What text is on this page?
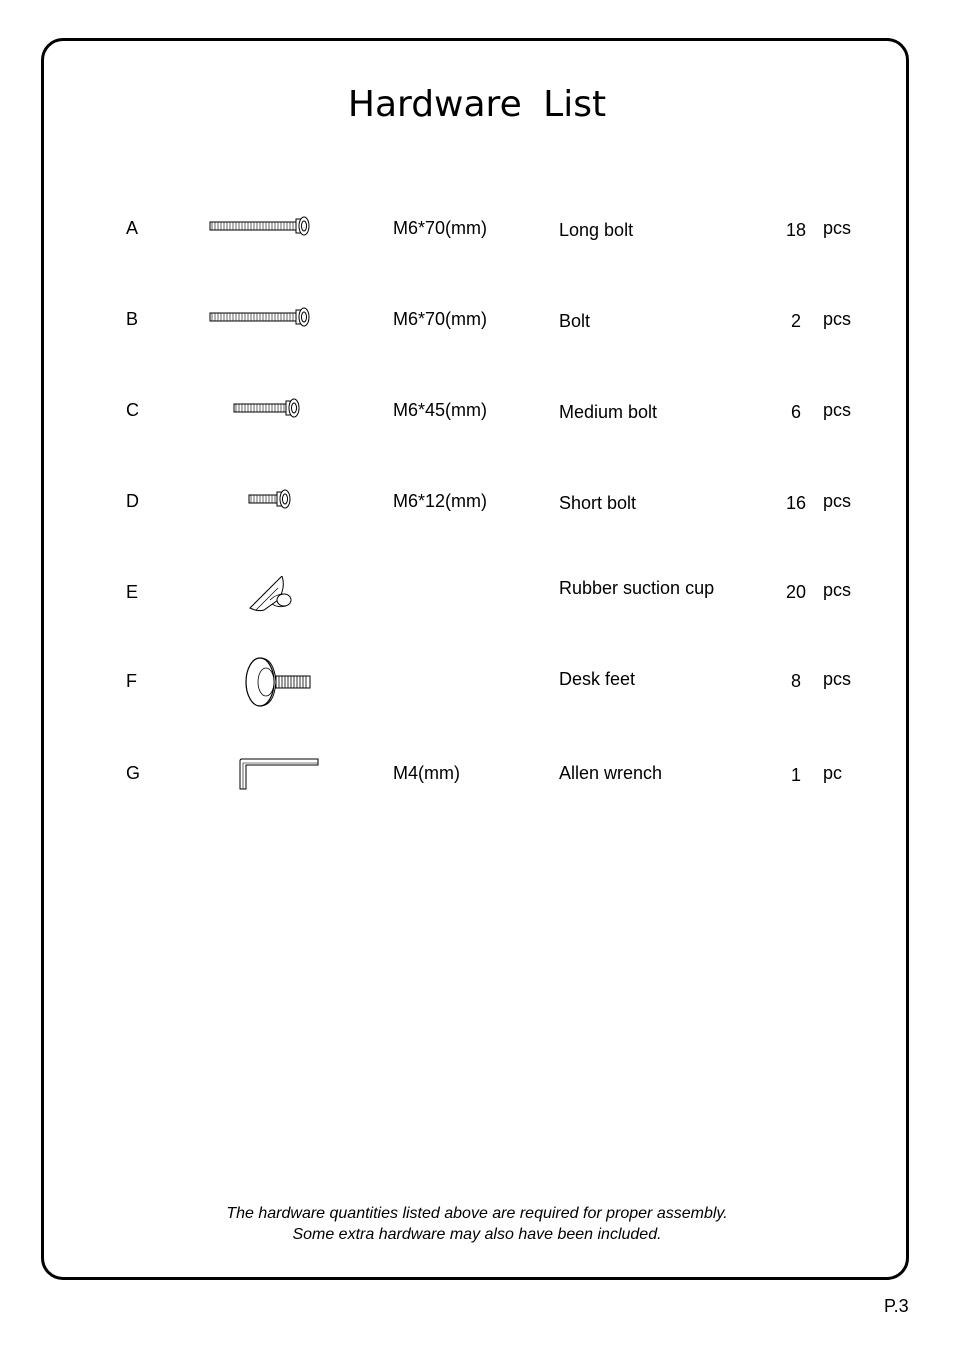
Hardware List
A	M6*70(mm)	Long bolt	18 pcs
B	M6*70(mm)	Bolt	2	pcs
C	M6*45(mm)	Medium bolt	6	pcs
D	M6*12(mm)	Short bolt	16 pcs
E	Rubber suction cup	20 pcs
F	Desk feet	8	pcs
G	M4(mm)	Allen wrench	1	pc
The hardware quantities listed above are required for proper assembly.
Some extra hardware may also have been included.
P.3
